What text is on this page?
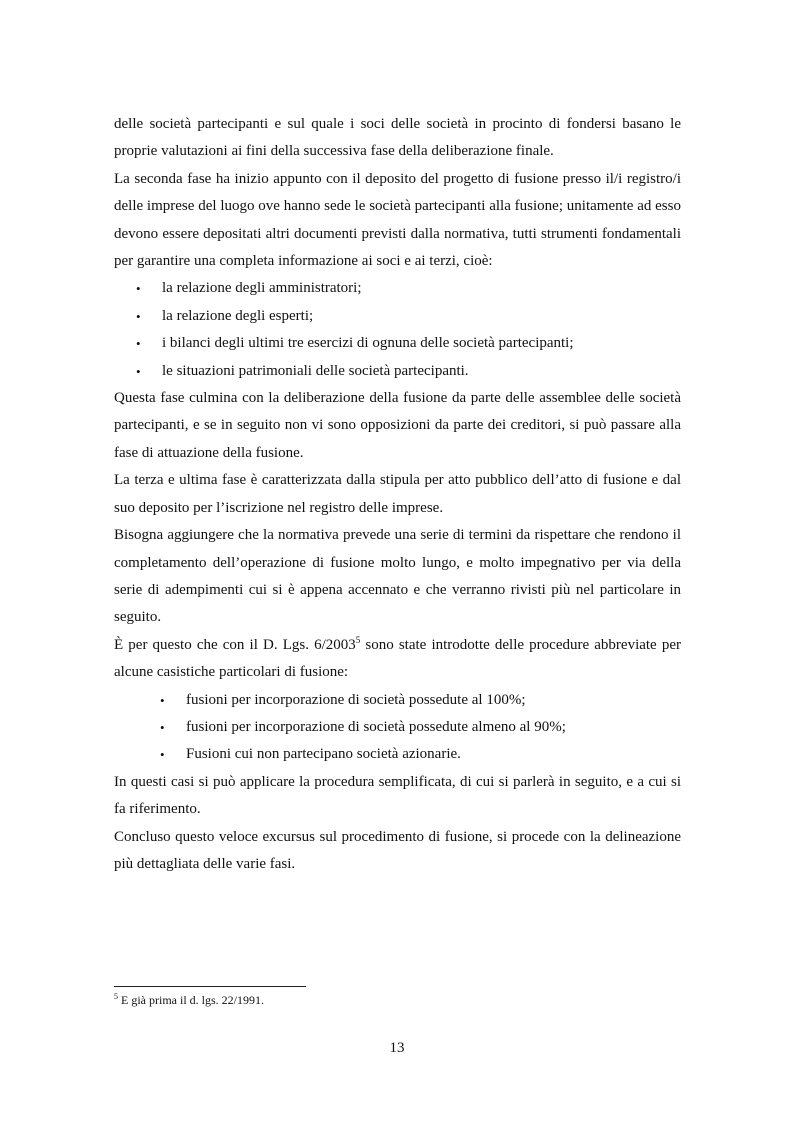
delle società partecipanti e sul quale i soci delle società in procinto di fondersi basano le proprie valutazioni ai fini della successiva fase della deliberazione finale.

La seconda fase ha inizio appunto con il deposito del progetto di fusione presso il/i registro/i delle imprese del luogo ove hanno sede le società partecipanti alla fusione; unitamente ad esso devono essere depositati altri documenti previsti dalla normativa, tutti strumenti fondamentali per garantire una completa informazione ai soci e ai terzi, cioè:

• la relazione degli amministratori;
• la relazione degli esperti;
• i bilanci degli ultimi tre esercizi di ognuna delle società partecipanti;
• le situazioni patrimoniali delle società partecipanti.

Questa fase culmina con la deliberazione della fusione da parte delle assemblee delle società partecipanti, e se in seguito non vi sono opposizioni da parte dei creditori, si può passare alla fase di attuazione della fusione.

La terza e ultima fase è caratterizzata dalla stipula per atto pubblico dell’atto di fusione e dal suo deposito per l’iscrizione nel registro delle imprese.

Bisogna aggiungere che la normativa prevede una serie di termini da rispettare che rendono il completamento dell’operazione di fusione molto lungo, e molto impegnativo per via della serie di adempimenti cui si è appena accennato e che verranno rivisti più nel particolare in seguito.

È per questo che con il D. Lgs. 6/2003$^5$ sono state introdotte delle procedure abbreviate per alcune casistiche particolari di fusione:

• fusioni per incorporazione di società possedute al 100%;
• fusioni per incorporazione di società possedute almeno al 90%;
• Fusioni cui non partecipano società azionarie.

In questi casi si può applicare la procedura semplificata, di cui si parlerà in seguito, e a cui si fa riferimento.

Concluso questo veloce excursus sul procedimento di fusione, si procede con la delineazione più dettagliata delle varie fasi.

$^5$ E già prima il d. lgs. 22/1991.
13
